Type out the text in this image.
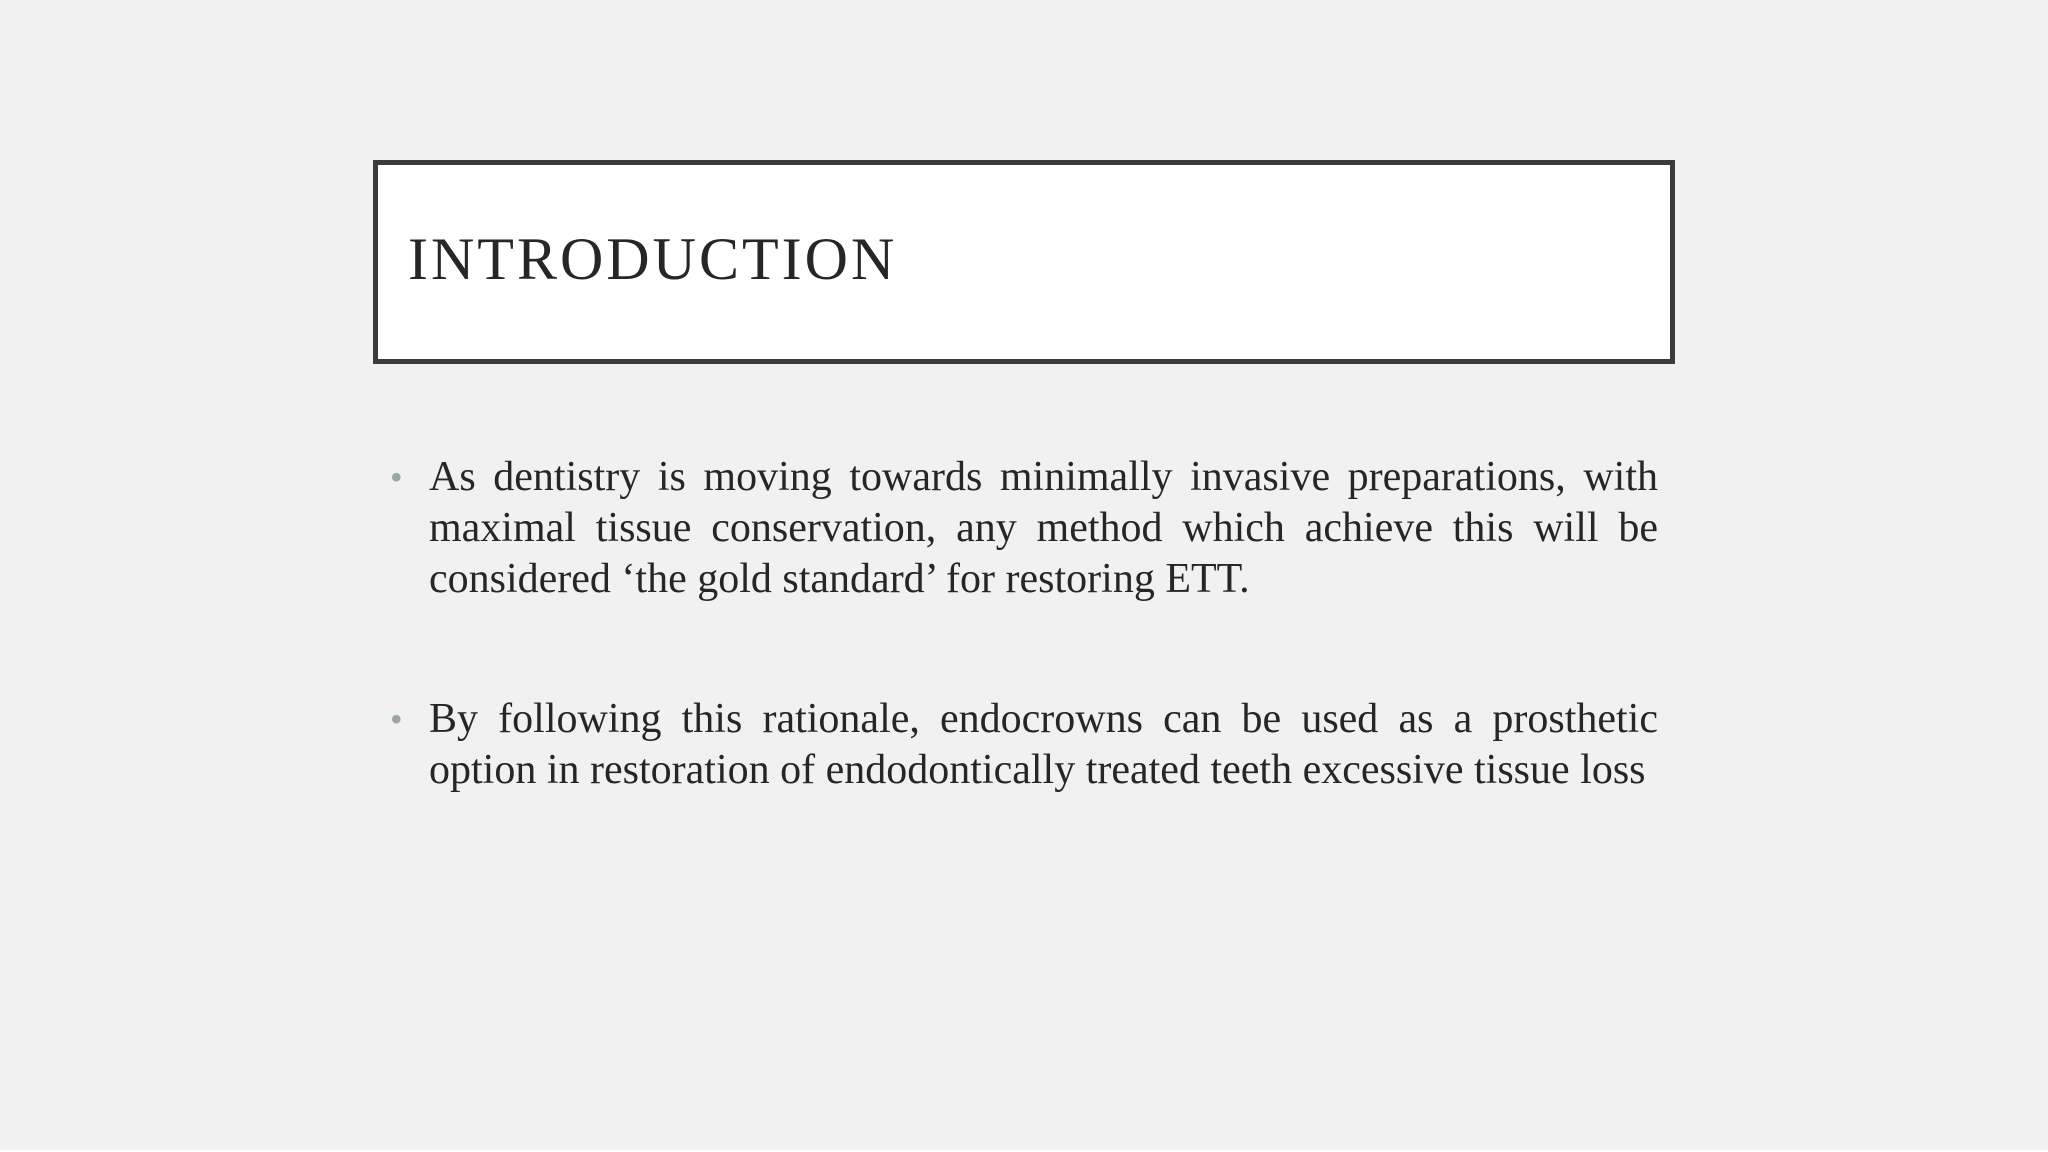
INTRODUCTION
• As dentistry is moving towards minimally invasive preparations, with maximal tissue conservation, any method which achieve this will be considered ‘the gold standard’ for restoring ETT.
• By following this rationale, endocrowns can be used as a prosthetic option in restoration of endodontically treated teeth excessive tissue loss
